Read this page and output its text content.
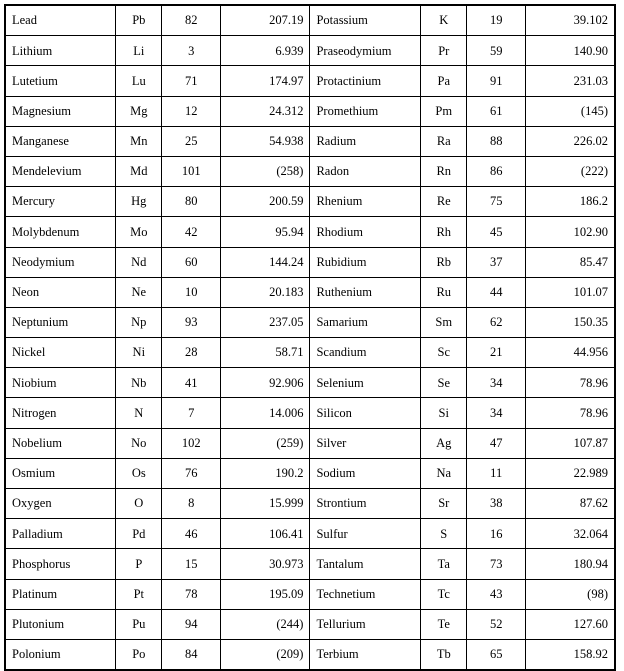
Lead	Pb	82	207.19	Potassium	K	19	39.102
Lithium	Li	3	6.939	Praseodymium	Pr	59	140.90
Lutetium	Lu	71	174.97	Protactinium	Pa	91	231.03
Magnesium	Mg	12	24.312	Promethium	Pm	61	(145)
Manganese	Mn	25	54.938	Radium	Ra	88	226.02
Mendelevium	Md	101	(258)	Radon	Rn	86	(222)
Mercury	Hg	80	200.59	Rhenium	Re	75	186.2
Molybdenum	Mo	42	95.94	Rhodium	Rh	45	102.90
Neodymium	Nd	60	144.24	Rubidium	Rb	37	85.47
Neon	Ne	10	20.183	Ruthenium	Ru	44	101.07
Neptunium	Np	93	237.05	Samarium	Sm	62	150.35
Nickel	Ni	28	58.71	Scandium	Sc	21	44.956
Niobium	Nb	41	92.906	Selenium	Se	34	78.96
Nitrogen	N	7	14.006	Silicon	Si	34	78.96
Nobelium	No	102	(259)	Silver	Ag	47	107.87
Osmium	Os	76	190.2	Sodium	Na	11	22.989
Oxygen	O	8	15.999	Strontium	Sr	38	87.62
Palladium	Pd	46	106.41	Sulfur	S	16	32.064
Phosphorus	P	15	30.973	Tantalum	Ta	73	180.94
Platinum	Pt	78	195.09	Technetium	Tc	43	(98)
Plutonium	Pu	94	(244)	Tellurium	Te	52	127.60
Polonium	Po	84	(209)	Terbium	Tb	65	158.92
